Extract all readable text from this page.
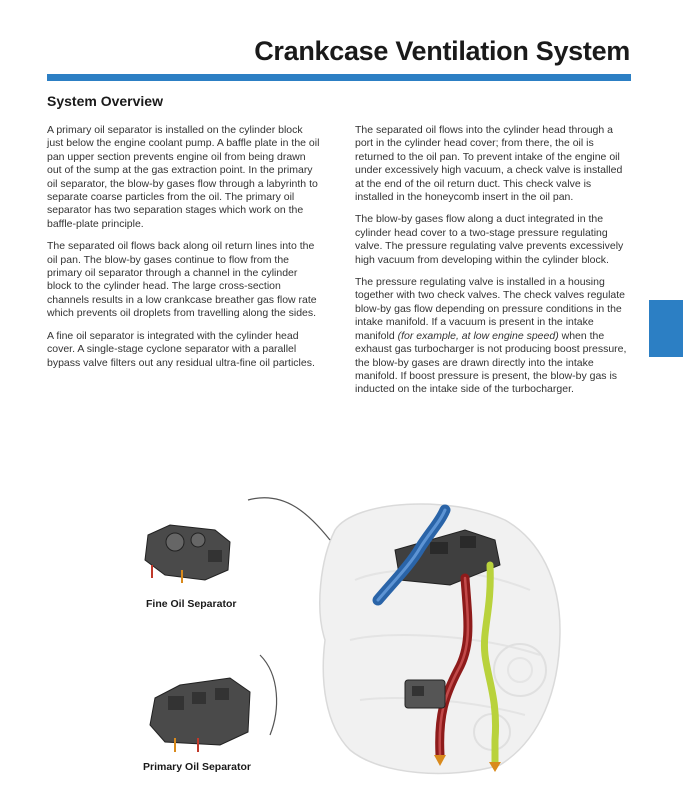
Crankcase Ventilation System
System Overview

A primary oil separator is installed on the cylinder block just below the engine coolant pump. A baffle plate in the oil pan upper section prevents engine oil from being drawn out of the sump at the gas extraction point. In the primary oil separator, the blow-by gases flow through a labyrinth to separate coarse particles from the oil. The primary oil separator has two separation stages which work on the baffle-plate principle.

The separated oil flows back along oil return lines into the oil pan. The blow-by gases continue to flow from the primary oil separator through a channel in the cylinder block to the cylinder head. The large cross-section channels results in a low crankcase breather gas flow rate which prevents oil droplets from travelling along the sides.

A fine oil separator is integrated with the cylinder head cover. A single-stage cyclone separator with a parallel bypass valve filters out any residual ultra-fine oil particles.

The separated oil flows into the cylinder head through a port in the cylinder head cover; from there, the oil is returned to the oil pan. To prevent intake of the engine oil under excessively high vacuum, a check valve is installed at the end of the oil return duct. This check valve is installed in the honeycomb insert in the oil pan.

The blow-by gases flow along a duct integrated in the cylinder head cover to a two-stage pressure regulating valve. The pressure regulating valve prevents excessively high vacuum from developing within the cylinder block.

The pressure regulating valve is installed in a housing together with two check valves. The check valves regulate blow-by gas flow depending on pressure conditions in the intake manifold. If a vacuum is present in the intake manifold (for example, at low engine speed) when the exhaust gas turbocharger is not producing boost pressure, the blow-by gases are drawn directly into the intake manifold. If boost pressure is present, the blow-by gas is inducted on the intake side of the turbocharger.

Fine Oil Separator
Primary Oil Separator
